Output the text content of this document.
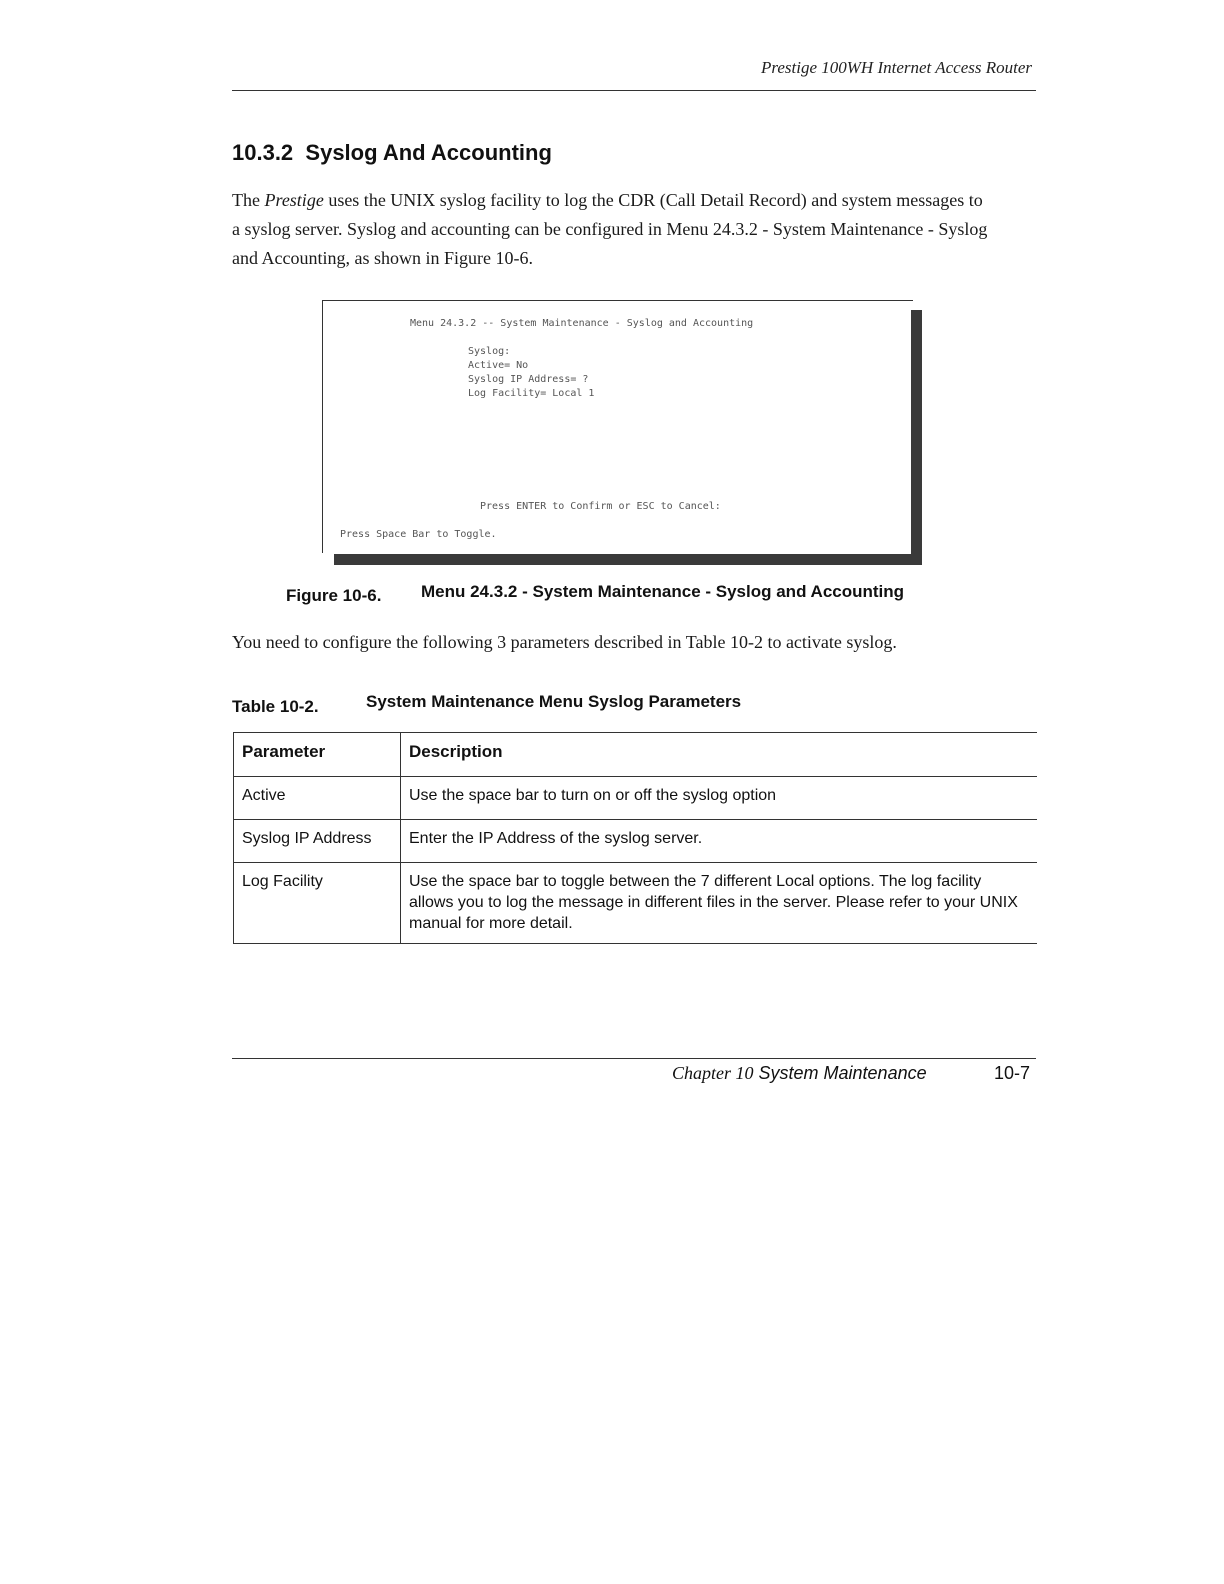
Prestige 100WH Internet Access Router
10.3.2 Syslog And Accounting
The Prestige uses the UNIX syslog facility to log the CDR (Call Detail Record) and system messages to a syslog server. Syslog and accounting can be configured in Menu 24.3.2 - System Maintenance - Syslog and Accounting, as shown in Figure 10-6.
Menu 24.3.2 -- System Maintenance - Syslog and Accounting
Syslog:
Active= No
Syslog IP Address= ?
Log Facility= Local 1
Press ENTER to Confirm or ESC to Cancel:
Press Space Bar to Toggle.
Figure 10-6. Menu 24.3.2 - System Maintenance - Syslog and Accounting
You need to configure the following 3 parameters described in Table 10-2 to activate syslog.
Table 10-2.	System Maintenance Menu Syslog Parameters
Parameter	Description
Active	Use the space bar to turn on or off the syslog option
Syslog IP Address	Enter the IP Address of the syslog server.
Log Facility	Use the space bar to toggle between the 7 different Local options. The log facility allows you to log the message in different files in the server. Please refer to your UNIX manual for more detail.
Chapter 10 System Maintenance	10-7
